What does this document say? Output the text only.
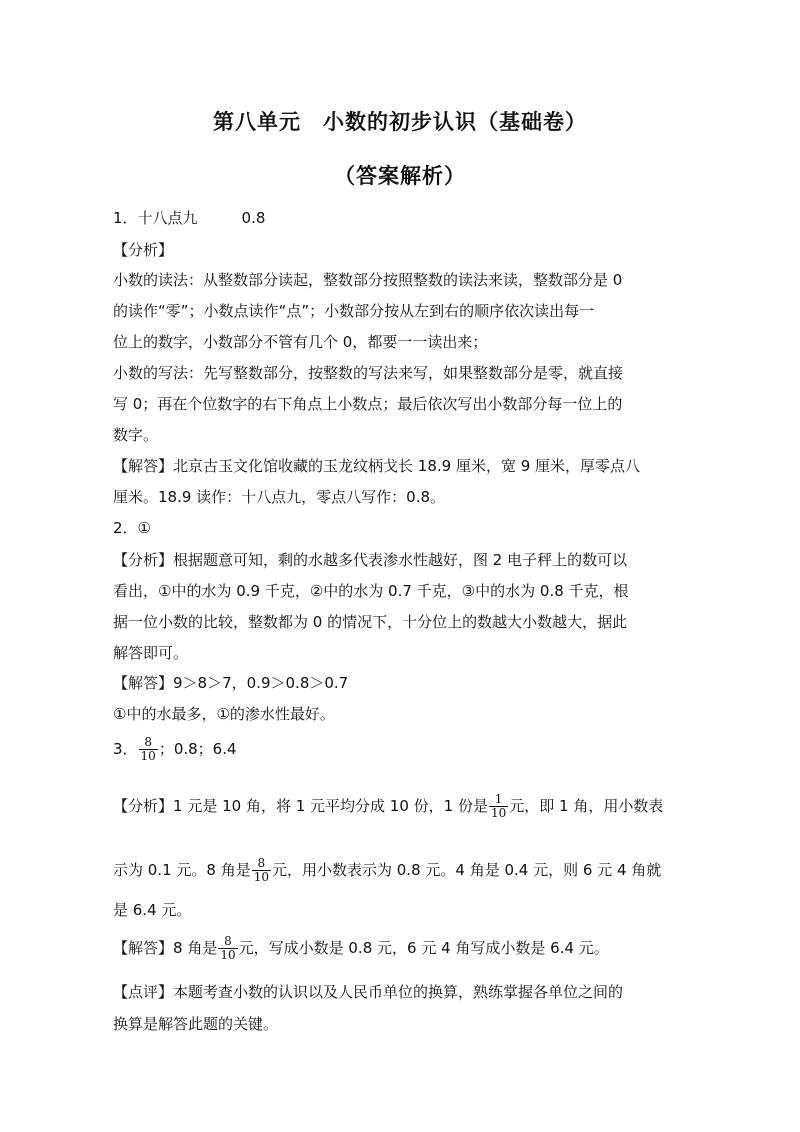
第八单元　小数的初步认识（基础卷）
（答案解析）
1．十八点九	0.8
【分析】
小数的读法：从整数部分读起，整数部分按照整数的读法来读，整数部分是 0
的读作“零”；小数点读作“点”；小数部分按从左到右的顺序依次读出每一
位上的数字，小数部分不管有几个 0，都要一一读出来；
小数的写法：先写整数部分，按整数的写法来写，如果整数部分是零，就直接
写 0；再在个位数字的右下角点上小数点；最后依次写出小数部分每一位上的
数字。
【解答】北京古玉文化馆收藏的玉龙纹柄戈长 18.9 厘米，宽 9 厘米，厚零点八
厘米。18.9 读作：十八点九，零点八写作：0.8。
2．①
【分析】根据题意可知，剩的水越多代表渗水性越好，图 2 电子秤上的数可以
看出，①中的水为 0.9 千克，②中的水为 0.7 千克，③中的水为 0.8 千克，根
据一位小数的比较，整数都为 0 的情况下，十分位上的数越大小数越大，据此
解答即可。
【解答】9＞8＞7，0.9＞0.8＞0.7
①中的水最多，①的渗水性最好。
3． $\frac{8}{10}$ ；0.8；6.4
【分析】1 元是 10 角，将 1 元平均分成 10 份，1 份是 $\frac{1}{10}$ 元，即 1 角，用小数表
示为 0.1 元。8 角是 $\frac{8}{10}$ 元，用小数表示为 0.8 元。4 角是 0.4 元，则 6 元 4 角就
是 6.4 元。
【解答】8 角是 $\frac{8}{10}$ 元，写成小数是 0.8 元，6 元 4 角写成小数是 6.4 元。
【点评】本题考查小数的认识以及人民币单位的换算，熟练掌握各单位之间的
换算是解答此题的关键。
